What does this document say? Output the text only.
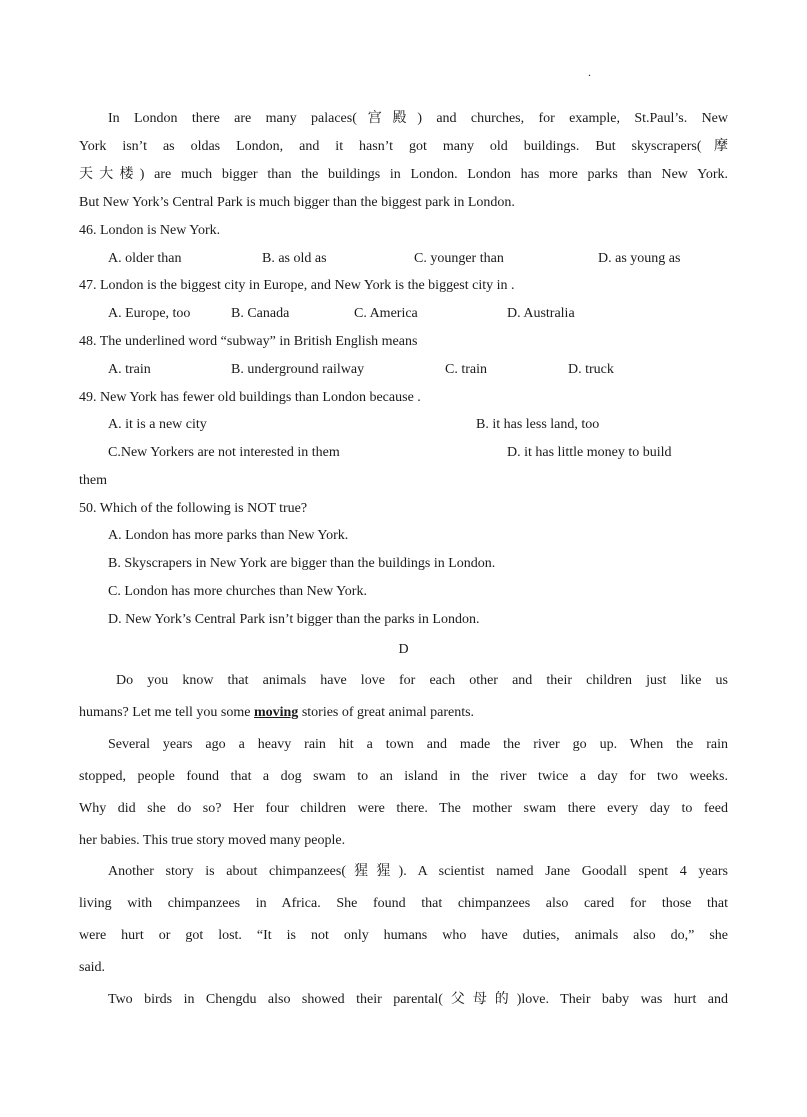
.
In London there are many palaces(宫殿) and churches, for example, St.Paul’s. New
York isn’t as oldas London, and it hasn’t got many old buildings. But skyscrapers(摩
天大楼) are much bigger than the buildings in London. London has more parks than New York.
But New York’s Central Park is much bigger than the biggest park in London.
46. London is New York.
A. older than	B. as old as	C. younger than	D. as young as
47. London is the biggest city in Europe, and New York is the biggest city in .
A. Europe, too	B. Canada	C. America	D. Australia
48. The underlined word “subway” in British English means
A. train	B. underground railway	C. train	D. truck
49. New York has fewer old buildings than London because .
A. it is a new city	B. it has less land, too
C.New Yorkers are not interested in them	D. it has little money to build
them
50. Which of the following is NOT true?
A. London has more parks than New York.
B. Skyscrapers in New York are bigger than the buildings in London.
C. London has more churches than New York.
D. New York’s Central Park isn’t bigger than the parks in London.
D
Do you know that animals have love for each other and their children just like us
humans? Let me tell you some moving stories of great animal parents.
Several years ago a heavy rain hit a town and made the river go up. When the rain
stopped, people found that a dog swam to an island in the river twice a day for two weeks.
Why did she do so? Her four children were there. The mother swam there every day to feed
her babies. This true story moved many people.
Another story is about chimpanzees(猩猩). A scientist named Jane Goodall spent 4 years
living with chimpanzees in Africa. She found that chimpanzees also cared for those that
were hurt or got lost. “It is not only humans who have duties, animals also do,” she
said.
Two birds in Chengdu also showed their parental(父母的)love. Their baby was hurt and
